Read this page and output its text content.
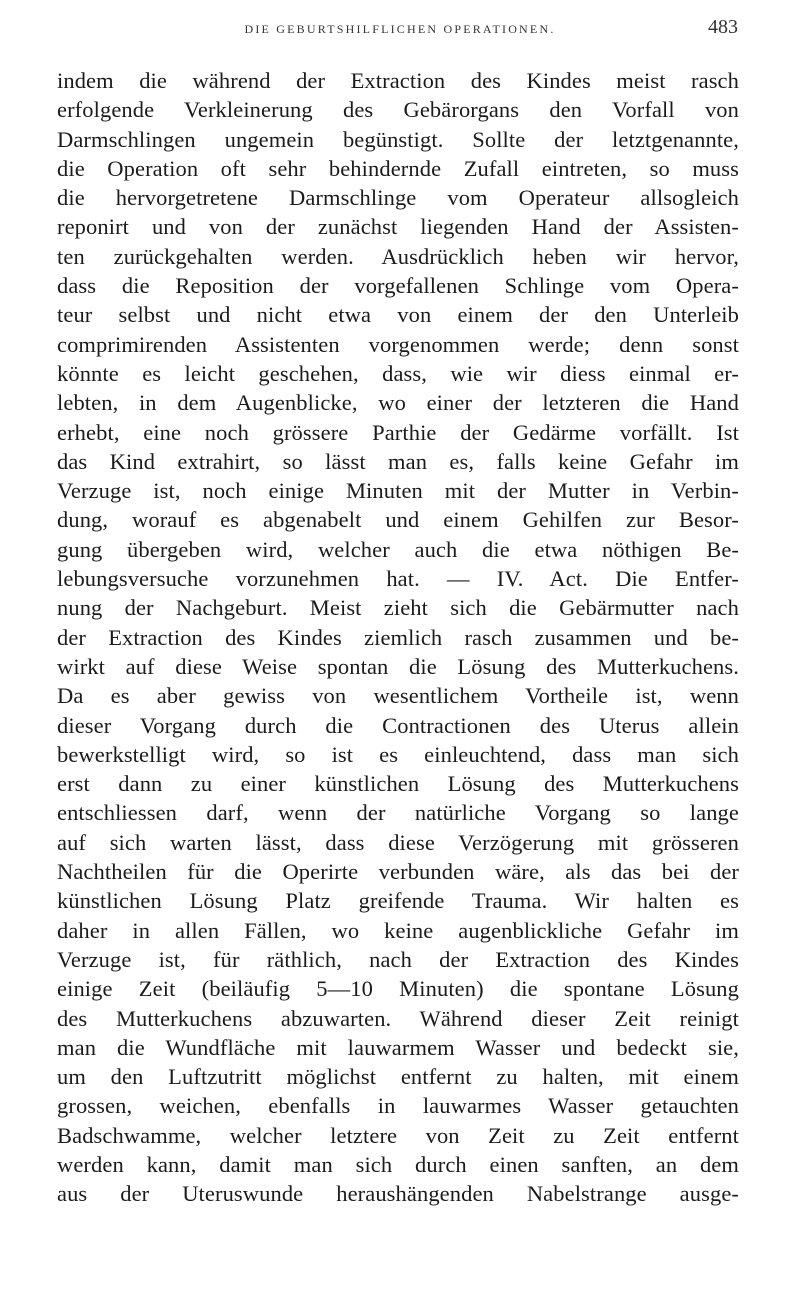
DIE GEBURTSHILFLICHEN OPERATIONEN.	483
indem die während der Extraction des Kindes meist rasch
erfolgende Verkleinerung des Gebärorgans den Vorfall von
Darmschlingen ungemein begünstigt. Sollte der letztgenannte,
die Operation oft sehr behindernde Zufall eintreten, so muss
die hervorgetretene Darmschlinge vom Operateur allsogleich
reponirt und von der zunächst liegenden Hand der Assisten-
ten zurückgehalten werden. Ausdrücklich heben wir hervor,
dass die Reposition der vorgefallenen Schlinge vom Opera-
teur selbst und nicht etwa von einem der den Unterleib
comprimirenden Assistenten vorgenommen werde; denn sonst
könnte es leicht geschehen, dass, wie wir diess einmal er-
lebten, in dem Augenblicke, wo einer der letzteren die Hand
erhebt, eine noch grössere Parthie der Gedärme vorfällt. Ist
das Kind extrahirt, so lässt man es, falls keine Gefahr im
Verzuge ist, noch einige Minuten mit der Mutter in Verbin-
dung, worauf es abgenabelt und einem Gehilfen zur Besor-
gung übergeben wird, welcher auch die etwa nöthigen Be-
lebungsversuche vorzunehmen hat. — IV. Act. Die Entfer-
nung der Nachgeburt. Meist zieht sich die Gebärmutter nach
der Extraction des Kindes ziemlich rasch zusammen und be-
wirkt auf diese Weise spontan die Lösung des Mutterkuchens.
Da es aber gewiss von wesentlichem Vortheile ist, wenn
dieser Vorgang durch die Contractionen des Uterus allein
bewerkstelligt wird, so ist es einleuchtend, dass man sich
erst dann zu einer künstlichen Lösung des Mutterkuchens
entschliessen darf, wenn der natürliche Vorgang so lange
auf sich warten lässt, dass diese Verzögerung mit grösseren
Nachtheilen für die Operirte verbunden wäre, als das bei der
künstlichen Lösung Platz greifende Trauma. Wir halten es
daher in allen Fällen, wo keine augenblickliche Gefahr im
Verzuge ist, für räthlich, nach der Extraction des Kindes
einige Zeit (beiläufig 5—10 Minuten) die spontane Lösung
des Mutterkuchens abzuwarten. Während dieser Zeit reinigt
man die Wundfläche mit lauwarmem Wasser und bedeckt sie,
um den Luftzutritt möglichst entfernt zu halten, mit einem
grossen, weichen, ebenfalls in lauwarmes Wasser getauchten
Badschwamme, welcher letztere von Zeit zu Zeit entfernt
werden kann, damit man sich durch einen sanften, an dem
aus der Uteruswunde heraushängenden Nabelstrange ausge-
